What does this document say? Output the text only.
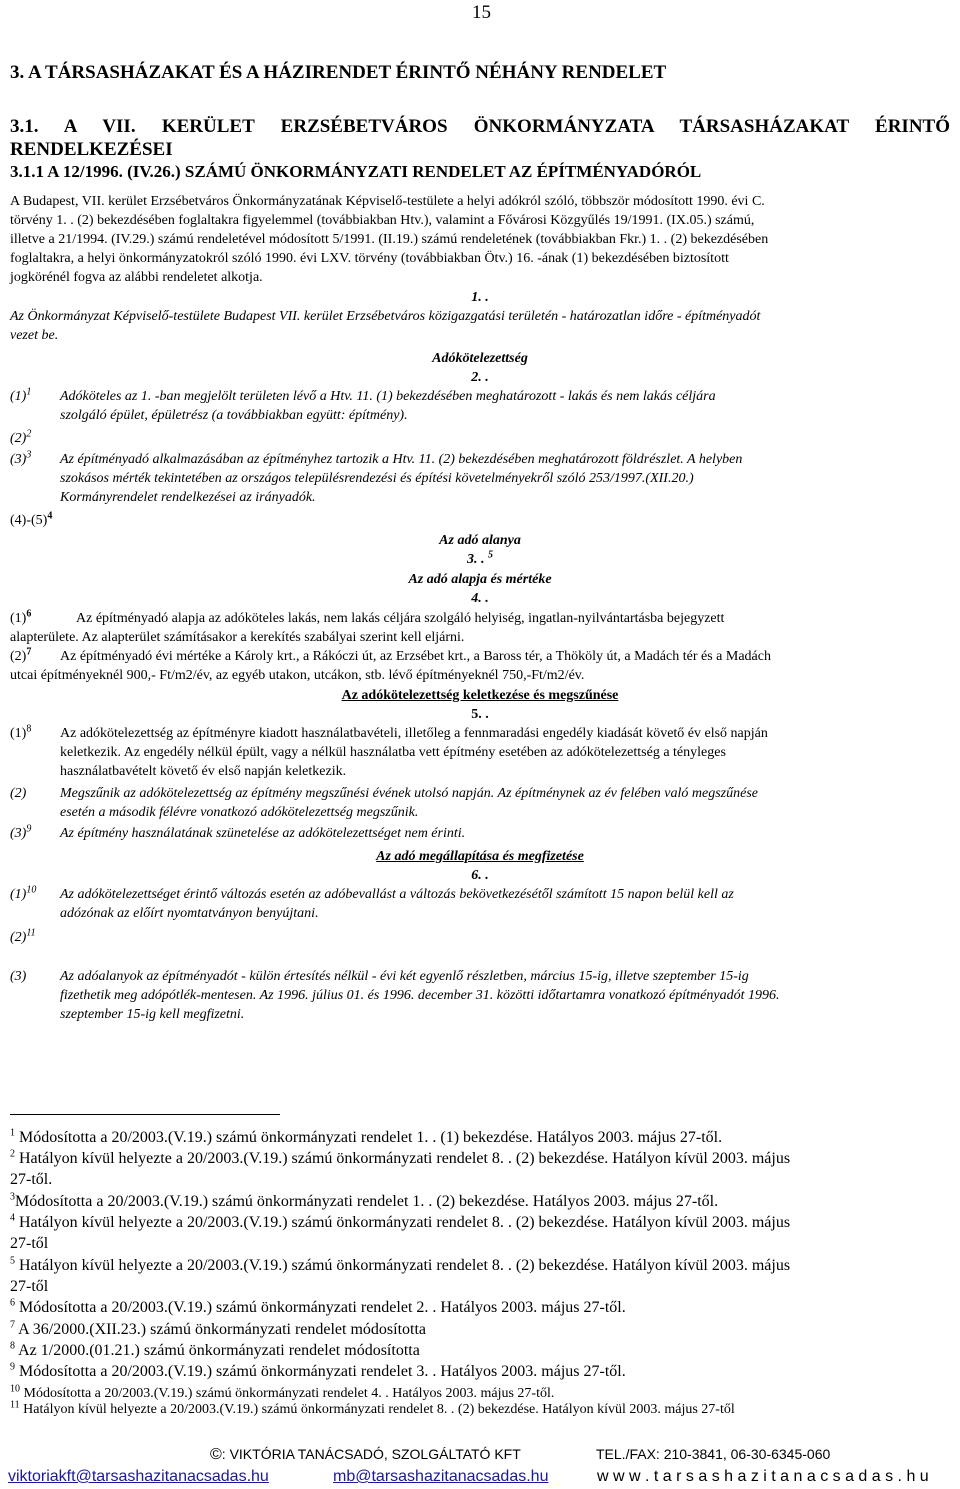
15
3. A TÁRSASHÁZAKAT ÉS A HÁZIRENDET ÉRINTŐ NÉHÁNY RENDELET
3.1. A VII. KERÜLET ERZSÉBETVÁROS ÖNKORMÁNYZATA TÁRSASHÁZAKAT ÉRINTŐ
RENDELKEZÉSEI
3.1.1 A 12/1996. (IV.26.) SZÁMÚ ÖNKORMÁNYZATI RENDELET AZ ÉPÍTMÉNYADÓRÓL
A Budapest, VII. kerület Erzsébetváros Önkormányzatának Képviselő-testülete a helyi adókról szóló, többször módosított 1990. évi C.
törvény 1. . (2) bekezdésében foglaltakra figyelemmel (továbbiakban Htv.), valamint a Fővárosi Közgyűlés 19/1991. (IX.05.) számú,
illetve a 21/1994. (IV.29.) számú rendeletével módosított 5/1991. (II.19.) számú rendeletének (továbbiakban Fkr.) 1. . (2) bekezdésében
foglaltakra, a helyi önkormányzatokról szóló 1990. évi LXV. törvény (továbbiakban Ötv.) 16. -ának (1) bekezdésében biztosított
jogkörénél fogva az alábbi rendeletet alkotja.
1. .
Az Önkormányzat Képviselő-testülete Budapest VII. kerület Erzsébetváros közigazgatási területén - határozatlan időre - építményadót
vezet be.
Adókötelezettség
2. .
$(1)^1$ Adóköteles az 1. -ban megjelölt területen lévő a Htv. 11. (1) bekezdésében meghatározott - lakás és nem lakás céljára
szolgáló épület, épületrész (a továbbiakban együtt: építmény).
$(2)^2$
$(3)^3$ Az építményadó alkalmazásában az építményhez tartozik a Htv. 11. (2) bekezdésében meghatározott földrészlet. A helyben
szokásos mérték tekintetében az országos településrendezési és építési követelményekről szóló 253/1997.(XII.20.)
Kormányrendelet rendelkezései az irányadók.
$(4)-(5)^4$
Az adó alanya
3. . $^5$
Az adó alapja és mértéke
4. .
$(1)^6$	Az építményadó alapja az adóköteles lakás, nem lakás céljára szolgáló helyiség, ingatlan-nyilvántartásba bejegyzett
alapterülete. Az alapterület számításakor a kerekítés szabályai szerint kell eljárni.
$(2)^7$ Az építményadó évi mértéke a Károly krt., a Rákóczi út, az Erzsébet krt., a Baross tér, a Thököly út, a Madách tér és a Madách
utcai építményeknél 900,- Ft/m2/év, az egyéb utakon, utcákon, stb. lévő építményeknél 750,-Ft/m2/év.
Az adókötelezettség keletkezése és megszűnése
5. .
$(1)^8$ Az adókötelezettség az építményre kiadott használatbavételi, illetőleg a fennmaradási engedély kiadását követő év első napján
keletkezik. Az engedély nélkül épült, vagy a nélkül használatba vett építmény esetében az adókötelezettség a tényleges
használatbavételt követő év első napján keletkezik.
(2) Megszűnik az adókötelezettség az építmény megszűnési évének utolsó napján. Az építménynek az év felében való megszűnése
esetén a második félévre vonatkozó adókötelezettség megszűnik.
$(3)^9$ Az építmény használatának szünetelése az adókötelezettséget nem érinti.
Az adó megállapítása és megfizetése
6. .
$(1)^{10}$ Az adókötelezettséget érintő változás esetén az adóbevallást a változás bekövetkezésétől számított 15 napon belül kell az
adózónak az előírt nyomtatványon benyújtani.
$(2)^{11}$
(3) Az adóalanyok az építményadót - külön értesítés nélkül - évi két egyenlő részletben, március 15-ig, illetve szeptember 15-ig
fizethetik meg adópótlék-mentesen. Az 1996. július 01. és 1996. december 31. közötti időtartamra vonatkozó építményadót 1996.
szeptember 15-ig kell megfizetni.
$^1$ Módosította a 20/2003.(V.19.) számú önkormányzati rendelet 1. . (1) bekezdése. Hatályos 2003. május 27-től.
$^2$ Hatályon kívül helyezte a 20/2003.(V.19.) számú önkormányzati rendelet 8. . (2) bekezdése. Hatályon kívül 2003. május
27-től.
$^3$Módosította a 20/2003.(V.19.) számú önkormányzati rendelet 1. . (2) bekezdése. Hatályos 2003. május 27-től.
$^4$ Hatályon kívül helyezte a 20/2003.(V.19.) számú önkormányzati rendelet 8. . (2) bekezdése. Hatályon kívül 2003. május
27-től
$^5$ Hatályon kívül helyezte a 20/2003.(V.19.) számú önkormányzati rendelet 8. . (2) bekezdése. Hatályon kívül 2003. május
27-től
$^6$ Módosította a 20/2003.(V.19.) számú önkormányzati rendelet 2. . Hatályos 2003. május 27-től.
$^7$ A 36/2000.(XII.23.) számú önkormányzati rendelet módosította
$^8$ Az 1/2000.(01.21.) számú önkormányzati rendelet módosította
$^9$ Módosította a 20/2003.(V.19.) számú önkormányzati rendelet 3. . Hatályos 2003. május 27-től.
$^{10}$ Módosította a 20/2003.(V.19.) számú önkormányzati rendelet 4. . Hatályos 2003. május 27-től.
$^{11}$ Hatályon kívül helyezte a 20/2003.(V.19.) számú önkormányzati rendelet 8. . (2) bekezdése. Hatályon kívül 2003. május 27-től
©: VIKTÓRIA TANÁCSADÓ, SZOLGÁLTATÓ KFT	TEL./FAX: 210-3841, 06-30-6345-060
viktoriakft@tarsashazitanacsadas.hu	mb@tarsashazitanacsadas.hu	w w w . t a r s a s h a z i t a n a c s a d a s . h u
